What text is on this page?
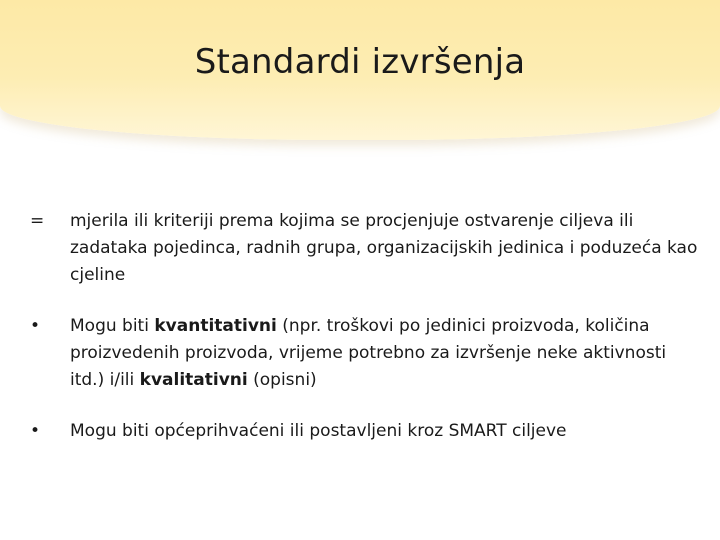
Standardi izvršenja

=	mjerila ili kriteriji prema kojima se procjenjuje ostvarenje ciljeva ili zadataka pojedinca, radnih grupa, organizacijskih jedinica i poduzeća kao cjeline

•	Mogu biti kvantitativni (npr. troškovi po jedinici proizvoda, količina proizvedenih proizvoda, vrijeme potrebno za izvršenje neke aktivnosti itd.) i/ili kvalitativni (opisni)

•	Mogu biti općeprihvaćeni ili postavljeni kroz SMART ciljeve
